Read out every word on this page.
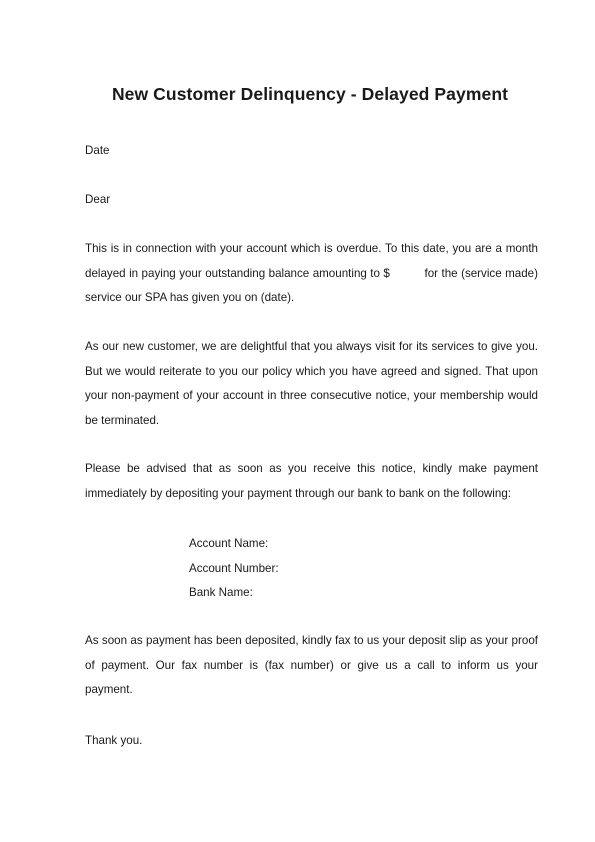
New Customer Delinquency - Delayed Payment
Date
Dear
This is in connection with your account which is overdue. To this date, you are a month
delayed in paying your outstanding balance amounting to $          for the (service made)
service our SPA has given you on (date).
As our new customer, we are delightful that you always visit for its services to give you.
But we would reiterate to you our policy which you have agreed and signed. That upon
your non-payment of your account in three consecutive notice, your membership would
be terminated.
Please be advised that as soon as you receive this notice, kindly make payment
immediately by depositing your payment through our bank to bank on the following:
Account Name:
Account Number:
Bank Name:
As soon as payment has been deposited, kindly fax to us your deposit slip as your proof
of payment. Our fax number is (fax number) or give us a call to inform us your
payment.
Thank you.
